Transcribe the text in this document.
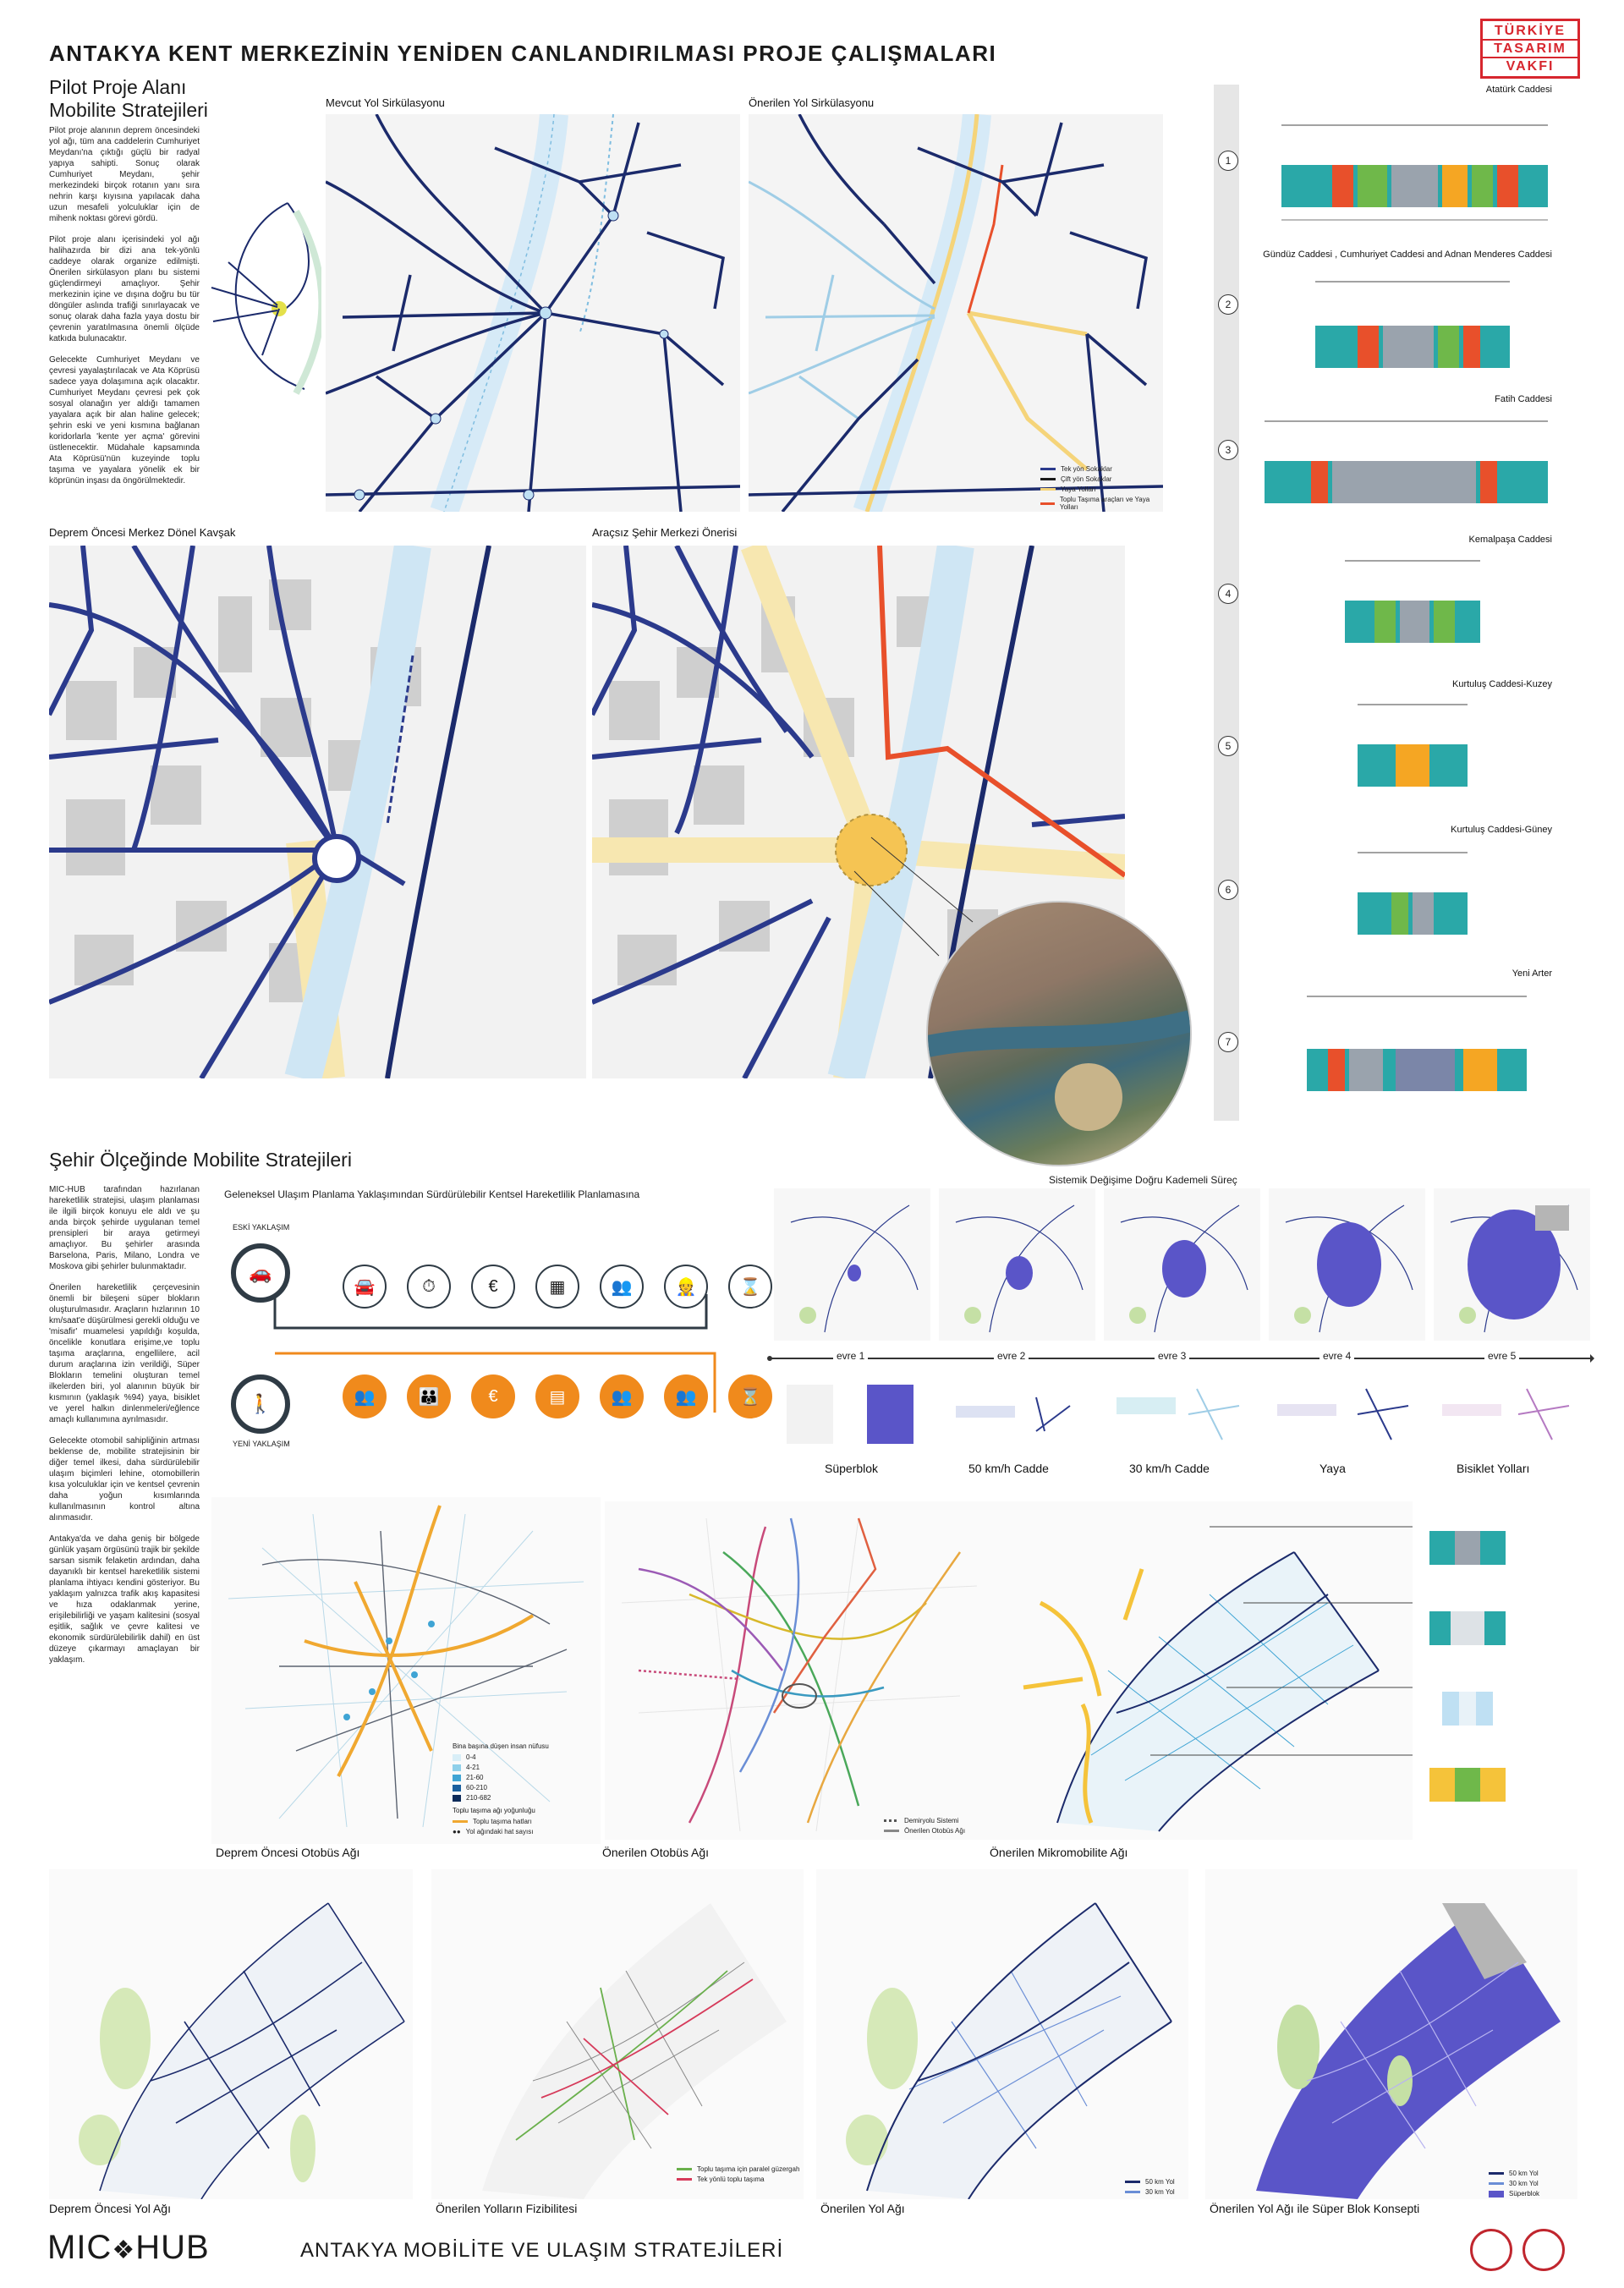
ANTAKYA KENT MERKEZİNİN YENİDEN CANLANDIRILMASI PROJE ÇALIŞMALARI
TÜRKİYE
TASARIM
VAKFI
Pilot Proje Alanı
Mobilite Stratejileri

Pilot proje alanının deprem öncesindeki yol ağı, tüm ana caddelerin Cumhuriyet Meydanı'na çıktığı güçlü bir radyal yapıya sahipti. Sonuç olarak Cumhuriyet Meydanı, şehir merkezindeki birçok rotanın yanı sıra nehrin karşı kıyısına yapılacak daha uzun mesafeli yolculuklar için de mihenk noktası görevi gördü.

Pilot proje alanı içerisindeki yol ağı halihazırda bir dizi ana tek-yönlü caddeye olarak organize edilmişti. Önerilen sirkülasyon planı bu sistemi güçlendirmeyi amaçlıyor. Şehir merkezinin içine ve dışına doğru bu tür döngüler aslında trafiği sınırlayacak ve sonuç olarak daha fazla yaya dostu bir çevrenin yaratılmasına önemli ölçüde katkıda bulunacaktır.

Gelecekte Cumhuriyet Meydanı ve çevresi yayalaştırılacak ve Ata Köprüsü sadece yaya dolaşımına açık olacaktır. Cumhuriyet Meydanı çevresi pek çok sosyal olanağın yer aldığı tamamen yayalara açık bir alan haline gelecek; şehrin eski ve yeni kısmına bağlanan koridorlarla 'kente yer açma' görevini üstlenecektir. Müdahale kapsamında Ata Köprüsü'nün kuzeyinde toplu taşıma ve yayalara yönelik ek bir köprünün inşası da öngörülmektedir.

Mevcut Yol Sirkülasyonu	Önerilen Yol Sirkülasyonu
Tek yön Sokaklar
Çift yön Sokaklar
Yaya Yolları
Toplu Taşıma araçları ve Yaya Yolları
Deprem Öncesi Merkez Dönel Kavşak	Araçsız Şehir Merkezi Önerisi
1
2
3
4
5
6
7
Atatürk Caddesi
Gündüz Caddesi , Cumhuriyet Caddesi and Adnan Menderes Caddesi
Fatih Caddesi
Kemalpaşa Caddesi
Kurtuluş Caddesi-Kuzey
Kurtuluş Caddesi-Güney
Yeni Arter
Şehir Ölçeğinde Mobilite Stratejileri

MIC-HUB tarafından hazırlanan hareketlilik stratejisi, ulaşım planlaması ile ilgili birçok konuyu ele aldı ve şu anda birçok şehirde uygulanan temel prensipleri bir araya getirmeyi amaçlıyor. Bu şehirler arasında Barselona, Paris, Milano, Londra ve Moskova gibi şehirler bulunmaktadır.

Önerilen hareketlilik çerçevesinin önemli bir bileşeni süper blokların oluşturulmasıdır. Araçların hızlarının 10 km/saat'e düşürülmesi gerekli olduğu ve 'misafir' muamelesi yapıldığı koşulda, öncelikle konutlara erişime,ve toplu taşıma araçlarına, engellilere, acil durum araçlarına izin verildiği, Süper Blokların temelini oluşturan temel ilkelerden biri, yol alanının büyük bir kısmının (yaklaşık %94) yaya, bisiklet ve yerel halkın dinlenmeleri/eğlence amaçlı kullanımına ayrılmasıdır.

Gelecekte otomobil sahipliğinin artması beklense de, mobilite stratejisinin bir diğer temel ilkesi, daha sürdürülebilir ulaşım biçimleri lehine, otomobillerin kısa yolculuklar için ve kentsel çevrenin daha yoğun kısımlarında kullanılmasının kontrol altına alınmasıdır.

Antakya'da ve daha geniş bir bölgede günlük yaşam örgüsünü trajik bir şekilde sarsan sismik felaketin ardından, daha dayanıklı bir kentsel hareketlilik sistemi planlama ihtiyacı kendini gösteriyor. Bu yaklaşım yalnızca trafik akış kapasitesi ve hıza odaklanmak yerine, erişilebilirliği ve yaşam kalitesini (sosyal eşitlik, sağlık ve çevre kalitesi ve ekonomik sürdürülebilirlik dahil) en üst düzeye çıkarmayı amaçlayan bir yaklaşım.

Geleneksel Ulaşım Planlama Yaklaşımından Sürdürülebilir Kentsel Hareketlilik Planlamasına
ESKİ YAKLAŞIM
🚗
🚘	⏱	€	▦	👥	👷	⌛
🚶
YENİ YAKLAŞIM
👥	👪	€	▤	👥	👥	⌛
Sistemik Değişime Doğru Kademeli Süreç
evre 1	evre 2	evre 3	evre 4	evre 5
Süperblok	50 km/h Cadde	30 km/h Cadde	Yaya	Bisiklet Yolları
Bina başına düşen insan nüfusu
0-4
4-21
21-60
60-210
210-682
Toplu taşıma ağı yoğunluğu
Toplu taşıma hatları
●● Yol ağındaki hat sayısı
Deprem Öncesi Otobüs Ağı
Demiryolu Sistemi
Önerilen Otobüs Ağı
Önerilen Otobüs Ağı	Önerilen Mikromobilite Ağı
Deprem Öncesi Yol Ağı
Toplu taşıma için paralel güzergah
Tek yönlü toplu taşıma
Önerilen Yolların Fizibilitesi
50 km Yol
30 km Yol
Önerilen Yol Ağı
50 km Yol
30 km Yol
Süperblok
Önerilen Yol Ağı ile Süper Blok Konsepti
MIC❖HUB	ANTAKYA MOBİLİTE VE ULAŞIM STRATEJİLERİ
